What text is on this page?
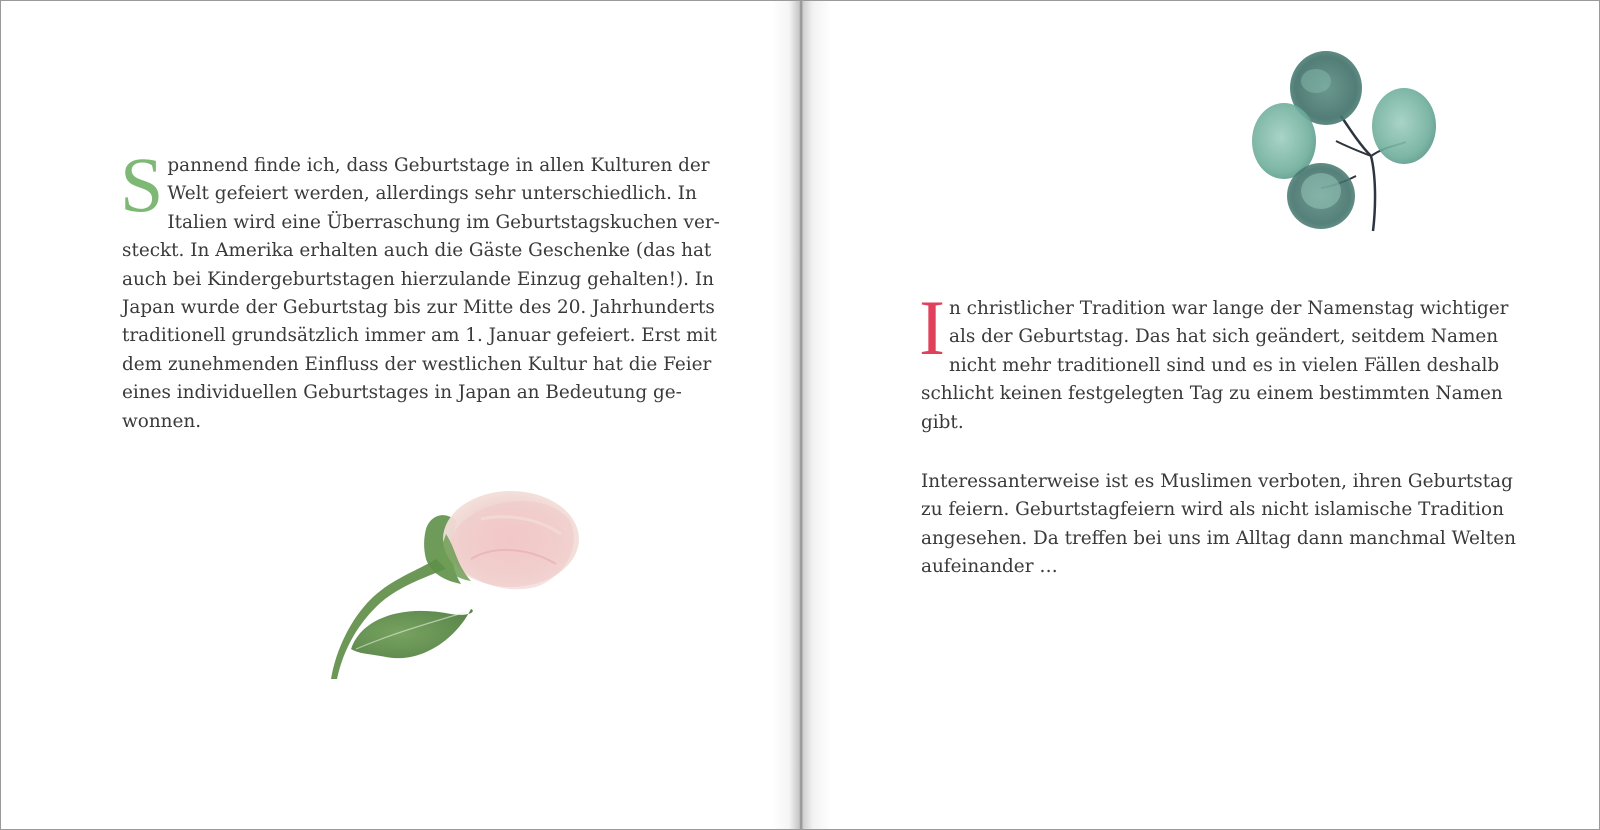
S pannend finde ich, dass Geburtstage in allen Kulturen der
Welt gefeiert werden, allerdings sehr unterschiedlich. In
Italien wird eine Überraschung im Geburtstagskuchen ver-
steckt. In Amerika erhalten auch die Gäste Geschenke (das hat
auch bei Kindergeburtstagen hierzulande Einzug gehalten!). In
Japan wurde der Geburtstag bis zur Mitte des 20. Jahrhunderts
traditionell grundsätzlich immer am 1. Januar gefeiert. Erst mit
dem zunehmenden Einfluss der westlichen Kultur hat die Feier
eines individuellen Geburtstages in Japan an Bedeutung ge-
wonnen.
I n christlicher Tradition war lange der Namenstag wichtiger
als der Geburtstag. Das hat sich geändert, seitdem Namen
nicht mehr traditionell sind und es in vielen Fällen deshalb
schlicht keinen festgelegten Tag zu einem bestimmten Namen
gibt.
Interessanterweise ist es Muslimen verboten, ihren Geburtstag
zu feiern. Geburtstagfeiern wird als nicht islamische Tradition
angesehen. Da treffen bei uns im Alltag dann manchmal Welten
aufeinander …
